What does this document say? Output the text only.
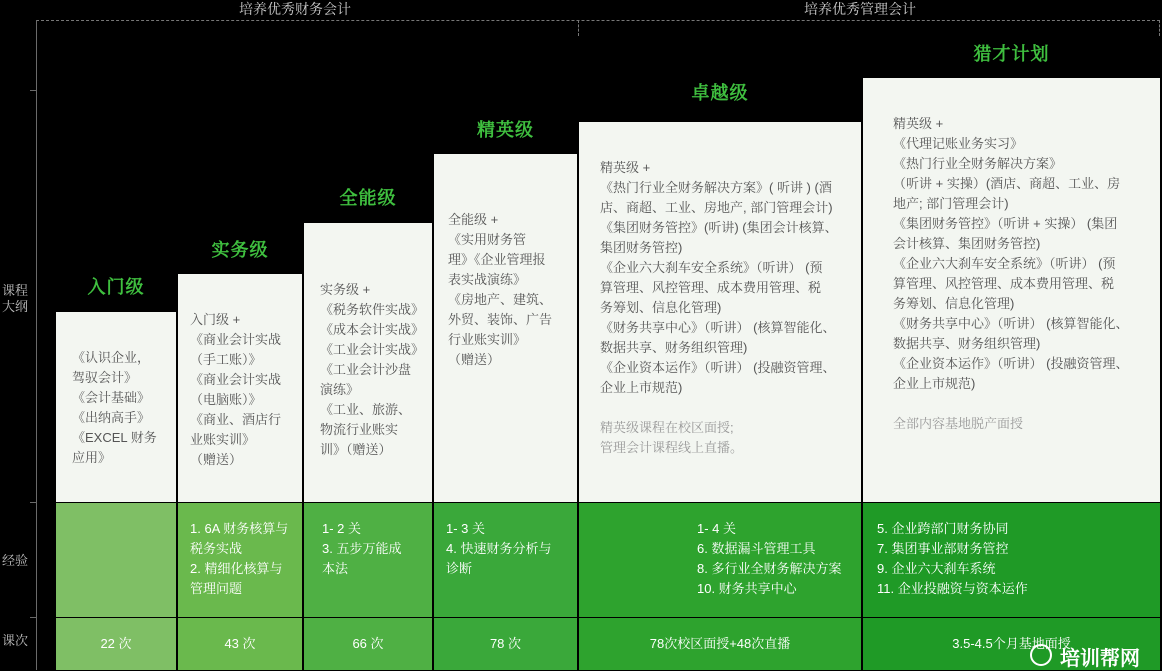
培养优秀财务会计	培养优秀管理会计
课程
大纲
经验
课次
入门级
《认识企业，
驾驭会计》
《会计基础》
《出纳高手》
《EXCEL 财务
应用》
22 次
实务级
入门级 +
《商业会计实战
（手工账）》
《商业会计实战
（电脑账）》
《商业、酒店行
业账实训》
（赠送）
1. 6A 财务核算与
税务实战
2. 精细化核算与
管理问题
43 次
全能级
实务级 +
《税务软件实战》
《成本会计实战》
《工业会计实战》
《工业会计沙盘
演练》
《工业、旅游、
物流行业账实
训》（赠送）
1- 2 关
3. 五步万能成
本法
66 次
精英级
全能级 +
《实用财务管
理》《企业管理报
表实战演练》
《房地产、建筑、
外贸、装饰、广告
行业账实训》
（赠送）
1- 3 关
4. 快速财务分析与
诊断
78 次
卓越级
精英级 +
《热门行业全财务解决方案》( 听讲 ) (酒
店、商超、工业、房地产, 部门管理会计)
《集团财务管控》(听讲) (集团会计核算、
集团财务管控)
《企业六大刹车安全系统》（听讲） (预
算管理、风控管理、成本费用管理、税
务筹划、信息化管理)
《财务共享中心》（听讲） (核算智能化、
数据共享、财务组织管理)
《企业资本运作》（听讲） (投融资管理、
企业上市规范)
精英级课程在校区面授;
管理会计课程线上直播。
1- 4 关
6. 数据漏斗管理工具
8. 多行业全财务解决方案
10. 财务共享中心
78次校区面授+48次直播
猎才计划
精英级 +
《代理记账业务实习》
《热门行业全财务解决方案》
（听讲 + 实操）(酒店、商超、工业、房
地产; 部门管理会计)
《集团财务管控》（听讲 + 实操） (集团
会计核算、集团财务管控)
《企业六大刹车安全系统》（听讲） (预
算管理、风控管理、成本费用管理、税
务筹划、信息化管理)
《财务共享中心》（听讲） (核算智能化、
数据共享、财务组织管理)
《企业资本运作》（听讲） (投融资管理、
企业上市规范)
全部内容基地脱产面授
5. 企业跨部门财务协同
7. 集团事业部财务管控
9. 企业六大刹车系统
11. 企业投融资与资本运作
3.5-4.5个月基地面授
培训帮网
